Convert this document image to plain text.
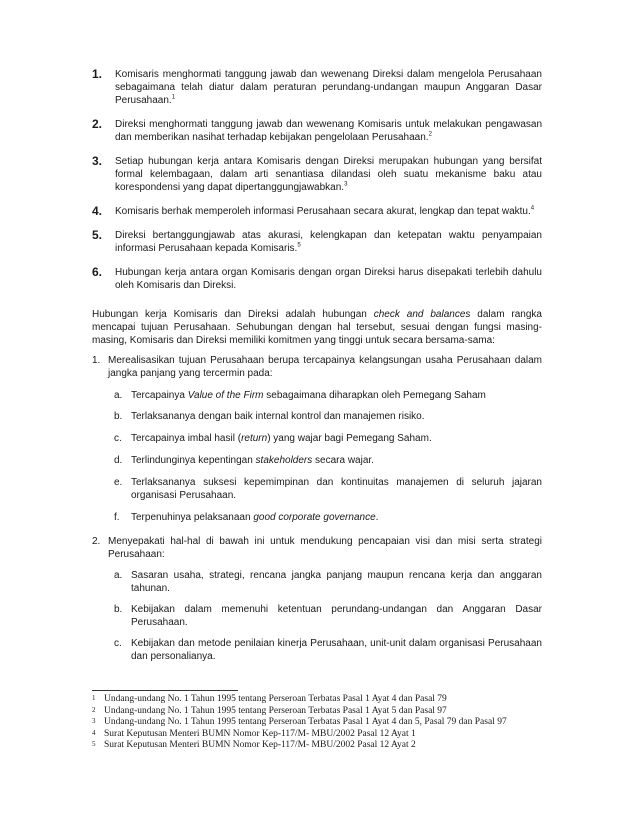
1.	Komisaris menghormati tanggung jawab dan wewenang Direksi dalam mengelola Perusahaan sebagaimana telah diatur dalam peraturan perundang-undangan maupun Anggaran Dasar Perusahaan.$^1$
2.	Direksi menghormati tanggung jawab dan wewenang Komisaris untuk melakukan pengawasan dan memberikan nasihat terhadap kebijakan pengelolaan Perusahaan.$^2$
3.	Setiap hubungan kerja antara Komisaris dengan Direksi merupakan hubungan yang bersifat formal kelembagaan, dalam arti senantiasa dilandasi oleh suatu mekanisme baku atau korespondensi yang dapat dipertanggungjawabkan.$^3$
4.	Komisaris berhak memperoleh informasi Perusahaan secara akurat, lengkap dan tepat waktu.$^4$
5.	Direksi bertanggungjawab atas akurasi, kelengkapan dan ketepatan waktu penyampaian informasi Perusahaan kepada Komisaris.$^5$
6.	Hubungan kerja antara organ Komisaris dengan organ Direksi harus disepakati terlebih dahulu oleh Komisaris dan Direksi.
Hubungan kerja Komisaris dan Direksi adalah hubungan check and balances dalam rangka mencapai tujuan Perusahaan. Sehubungan dengan hal tersebut, sesuai dengan fungsi masing-masing, Komisaris dan Direksi memiliki komitmen yang tinggi untuk secara bersama-sama:
1. Merealisasikan tujuan Perusahaan berupa tercapainya kelangsungan usaha Perusahaan dalam jangka panjang yang tercermin pada:
a. Tercapainya Value of the Firm sebagaimana diharapkan oleh Pemegang Saham
b. Terlaksananya dengan baik internal kontrol dan manajemen risiko.
c. Tercapainya imbal hasil (return) yang wajar bagi Pemegang Saham.
d. Terlindunginya kepentingan stakeholders secara wajar.
e. Terlaksananya suksesi kepemimpinan dan kontinuitas manajemen di seluruh jajaran organisasi Perusahaan.
f.	Terpenuhinya pelaksanaan good corporate governance.
2. Menyepakati hal-hal di bawah ini untuk mendukung pencapaian visi dan misi serta strategi Perusahaan:
a. Sasaran usaha, strategi, rencana jangka panjang maupun rencana kerja dan anggaran tahunan.
b. Kebijakan dalam memenuhi ketentuan perundang-undangan dan Anggaran Dasar Perusahaan.
c. Kebijakan dan metode penilaian kinerja Perusahaan, unit-unit dalam organisasi Perusahaan dan personalianya.
1 Undang-undang No. 1 Tahun 1995 tentang Perseroan Terbatas Pasal 1 Ayat 4 dan Pasal 79
2 Undang-undang No. 1 Tahun 1995 tentang Perseroan Terbatas Pasal 1 Ayat 5 dan Pasal 97
3 Undang-undang No. 1 Tahun 1995 tentang Perseroan Terbatas Pasal 1 Ayat 4 dan 5, Pasal 79 dan Pasal 97
4 Surat Keputusan Menteri BUMN Nomor Kep-117/M- MBU/2002 Pasal 12 Ayat 1
5 Surat Keputusan Menteri BUMN Nomor Kep-117/M- MBU/2002 Pasal 12 Ayat 2
